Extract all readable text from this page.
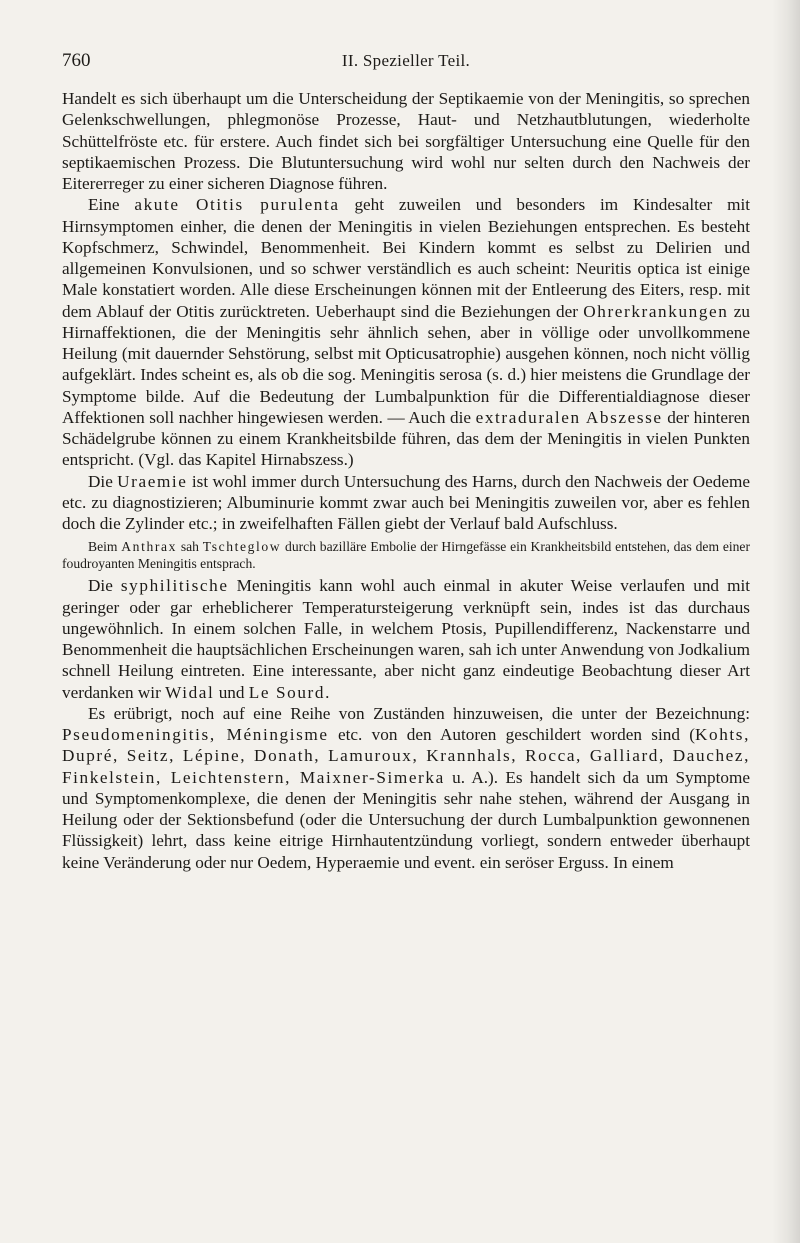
760	II. Spezieller Teil.

Handelt es sich überhaupt um die Unterscheidung der Septikaemie von der Meningitis, so sprechen Gelenkschwellungen, phlegmonöse Prozesse, Haut- und Netzhautblutungen, wiederholte Schüttelfröste etc. für erstere. Auch findet sich bei sorgfältiger Untersuchung eine Quelle für den septikaemischen Prozess. Die Blutuntersuchung wird wohl nur selten durch den Nachweis der Eitererreger zu einer sicheren Diagnose führen.

Eine akute Otitis purulenta geht zuweilen und besonders im Kindesalter mit Hirnsymptomen einher, die denen der Meningitis in vielen Beziehungen entsprechen. Es besteht Kopfschmerz, Schwindel, Benommenheit. Bei Kindern kommt es selbst zu Delirien und allgemeinen Konvulsionen, und so schwer verständlich es auch scheint: Neuritis optica ist einige Male konstatiert worden. Alle diese Erscheinungen können mit der Entleerung des Eiters, resp. mit dem Ablauf der Otitis zurücktreten. Ueberhaupt sind die Beziehungen der Ohrerkrankungen zu Hirnaffektionen, die der Meningitis sehr ähnlich sehen, aber in völlige oder unvollkommene Heilung (mit dauernder Sehstörung, selbst mit Opticusatrophie) ausgehen können, noch nicht völlig aufgeklärt. Indes scheint es, als ob die sog. Meningitis serosa (s. d.) hier meistens die Grundlage der Symptome bilde. Auf die Bedeutung der Lumbalpunktion für die Differentialdiagnose dieser Affektionen soll nachher hingewiesen werden. — Auch die extraduralen Abszesse der hinteren Schädelgrube können zu einem Krankheitsbilde führen, das dem der Meningitis in vielen Punkten entspricht. (Vgl. das Kapitel Hirnabszess.)

Die Uraemie ist wohl immer durch Untersuchung des Harns, durch den Nachweis der Oedeme etc. zu diagnostizieren; Albuminurie kommt zwar auch bei Meningitis zuweilen vor, aber es fehlen doch die Zylinder etc.; in zweifelhaften Fällen giebt der Verlauf bald Aufschluss.

Beim Anthrax sah Tschteglow durch bazilläre Embolie der Hirngefässe ein Krankheitsbild entstehen, das dem einer foudroyanten Meningitis entsprach.

Die syphilitische Meningitis kann wohl auch einmal in akuter Weise verlaufen und mit geringer oder gar erheblicherer Temperatursteigerung verknüpft sein, indes ist das durchaus ungewöhnlich. In einem solchen Falle, in welchem Ptosis, Pupillendifferenz, Nackenstarre und Benommenheit die hauptsächlichen Erscheinungen waren, sah ich unter Anwendung von Jodkalium schnell Heilung eintreten. Eine interessante, aber nicht ganz eindeutige Beobachtung dieser Art verdanken wir Widal und Le Sourd.

Es erübrigt, noch auf eine Reihe von Zuständen hinzuweisen, die unter der Bezeichnung: Pseudomeningitis, Méningisme etc. von den Autoren geschildert worden sind (Kohts, Dupré, Seitz, Lépine, Donath, Lamuroux, Krannhals, Rocca, Galliard, Dauchez, Finkelstein, Leichtenstern, Maixner-Simerka u. A.). Es handelt sich da um Symptome und Symptomenkomplexe, die denen der Meningitis sehr nahe stehen, während der Ausgang in Heilung oder der Sektionsbefund (oder die Untersuchung der durch Lumbalpunktion gewonnenen Flüssigkeit) lehrt, dass keine eitrige Hirnhautentzündung vorliegt, sondern entweder überhaupt keine Veränderung oder nur Oedem, Hyperaemie und event. ein seröser Erguss. In einem
